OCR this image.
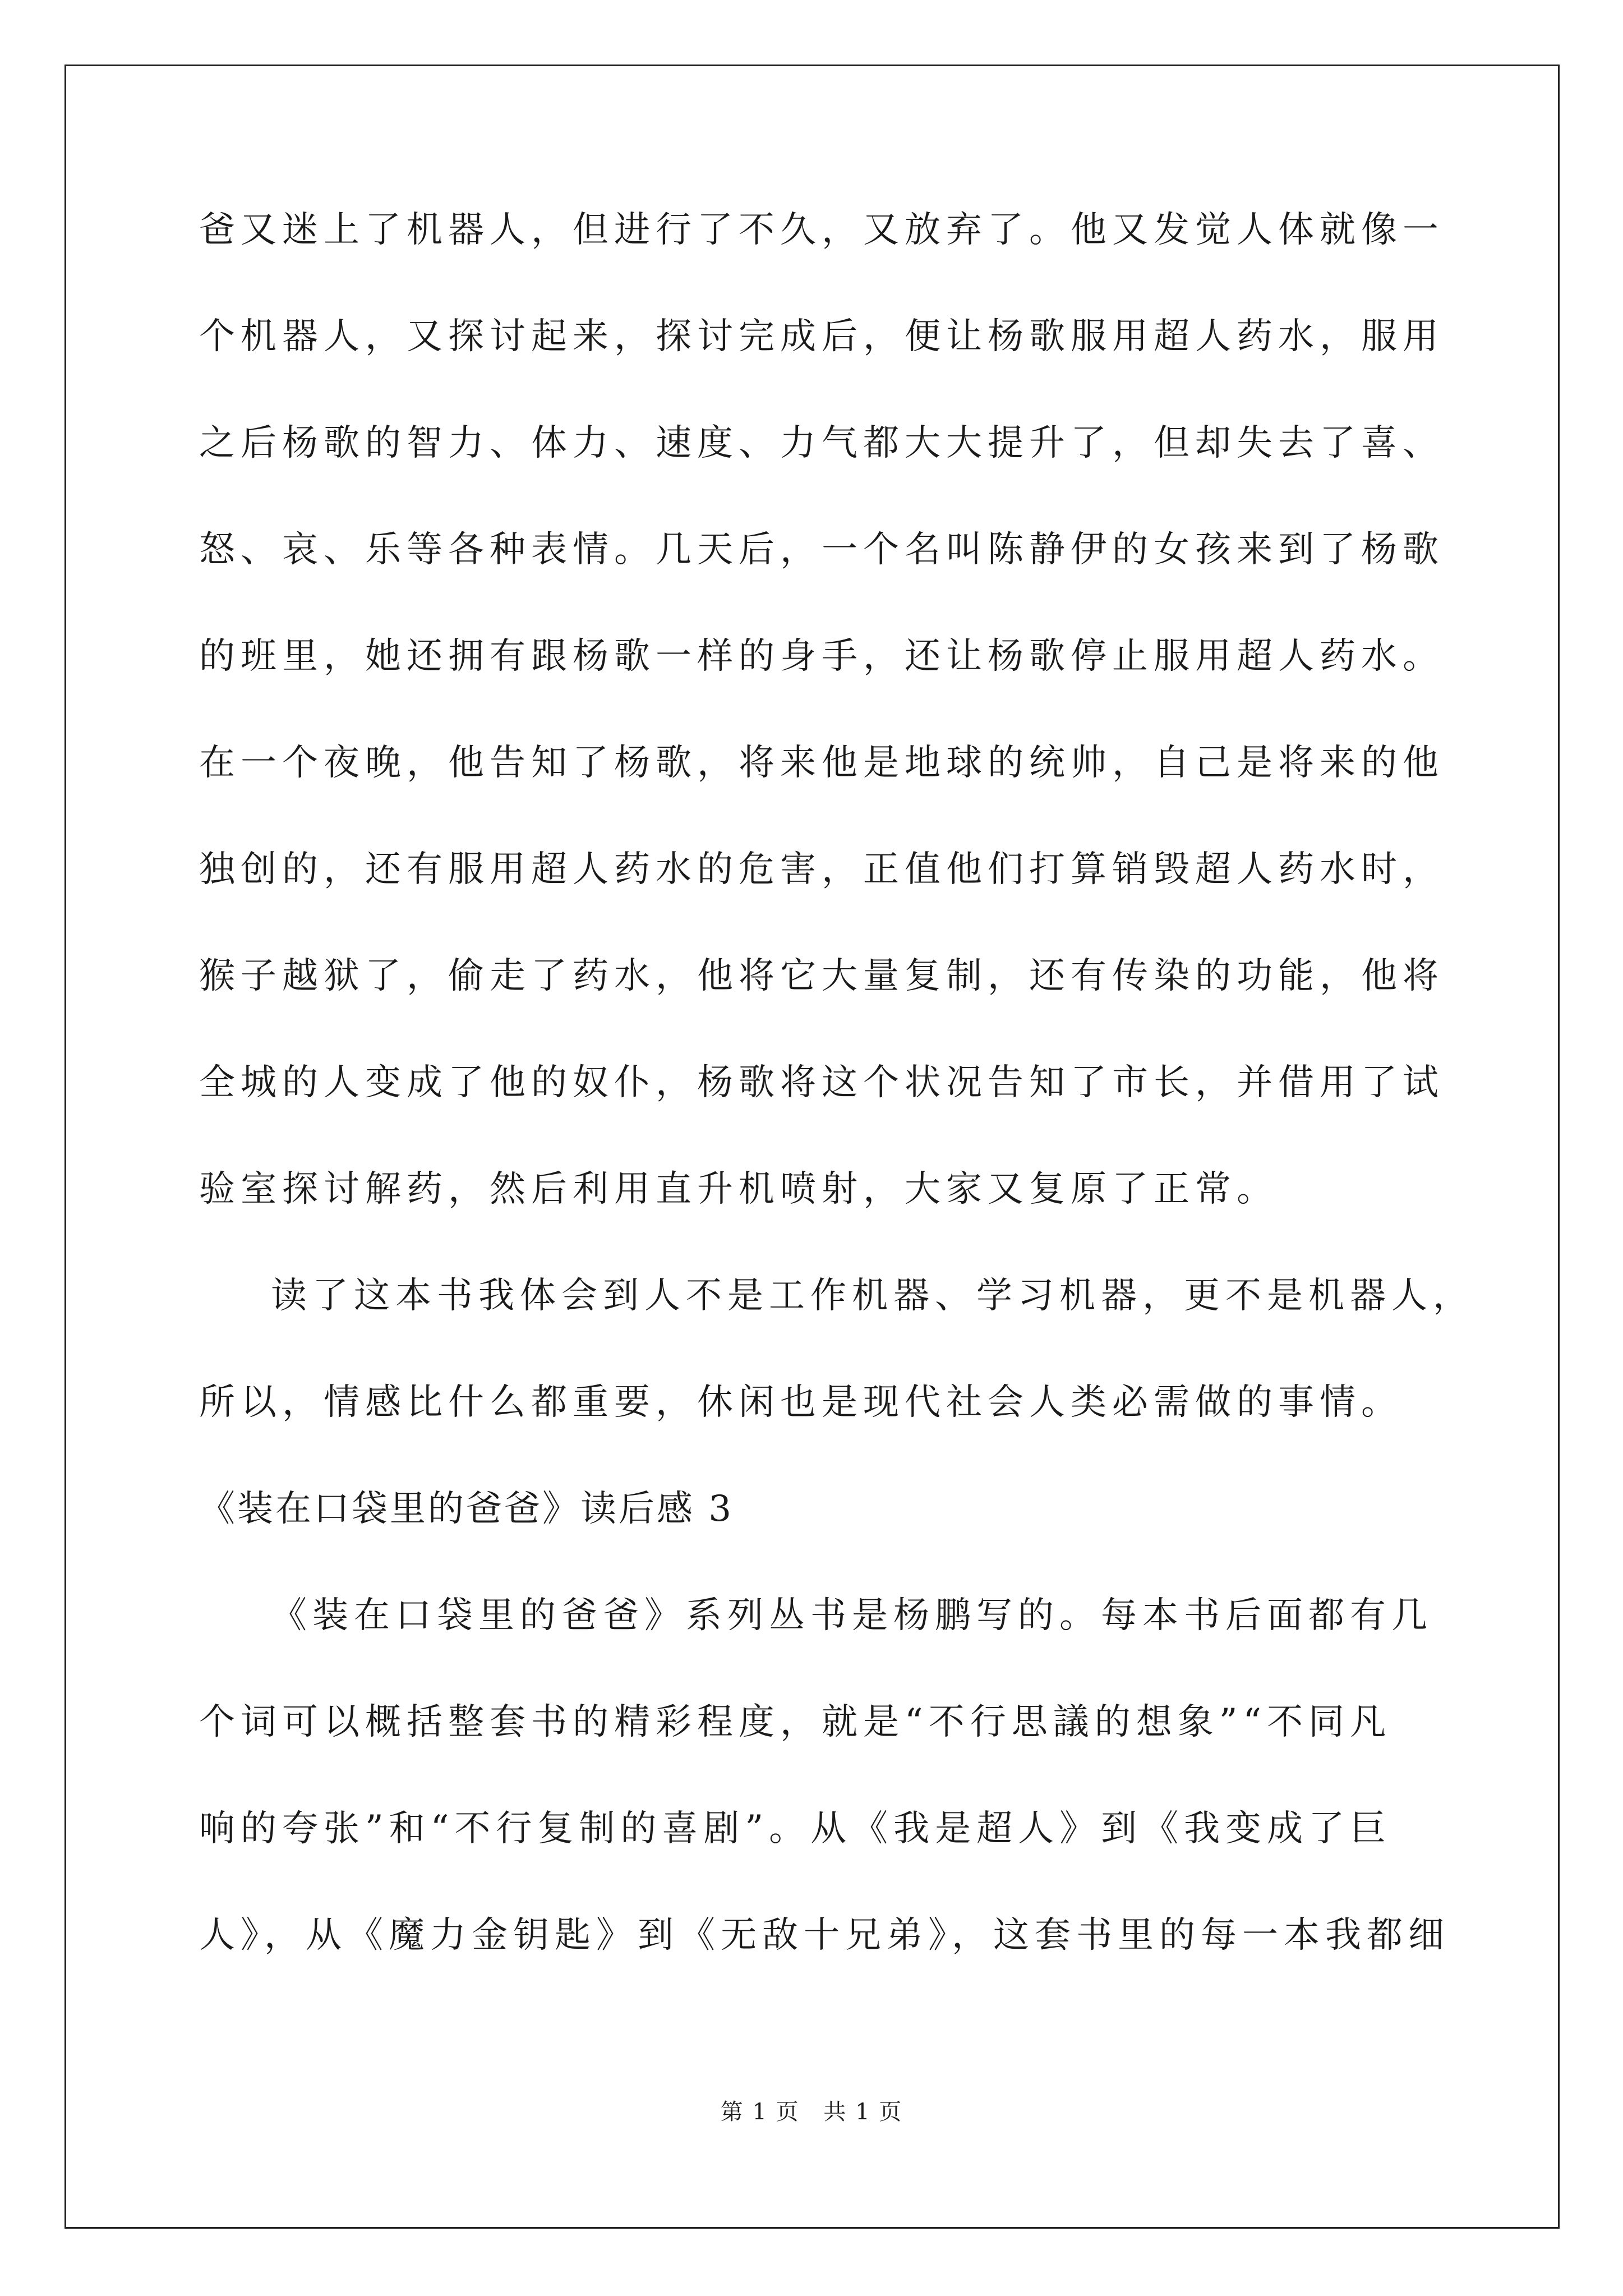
爸又迷上了机器人，但进行了不久，又放弃了。他又发觉人体就像一
个机器人，又探讨起来，探讨完成后，便让杨歌服用超人药水，服用
之后杨歌的智力、体力、速度、力气都大大提升了，但却失去了喜、
怒、哀、乐等各种表情。几天后，一个名叫陈静伊的女孩来到了杨歌
的班里，她还拥有跟杨歌一样的身手，还让杨歌停止服用超人药水。
在一个夜晚，他告知了杨歌，将来他是地球的统帅，自己是将来的他
独创的，还有服用超人药水的危害，正值他们打算销毁超人药水时，
猴子越狱了，偷走了药水，他将它大量复制，还有传染的功能，他将
全城的人变成了他的奴仆，杨歌将这个状况告知了市长，并借用了试
验室探讨解药，然后利用直升机喷射，大家又复原了正常。
读了这本书我体会到人不是工作机器、学习机器，更不是机器人，
所以，情感比什么都重要，休闲也是现代社会人类必需做的事情。
《装在口袋里的爸爸》读后感 3
《装在口袋里的爸爸》系列丛书是杨鹏写的。每本书后面都有几
个词可以概括整套书的精彩程度，就是“不行思議的想象”“不同凡
响的夸张”和“不行复制的喜剧”。从《我是超人》到《我变成了巨
人》，从《魔力金钥匙》到《无敌十兄弟》，这套书里的每一本我都细
第 1 页 共 1 页
